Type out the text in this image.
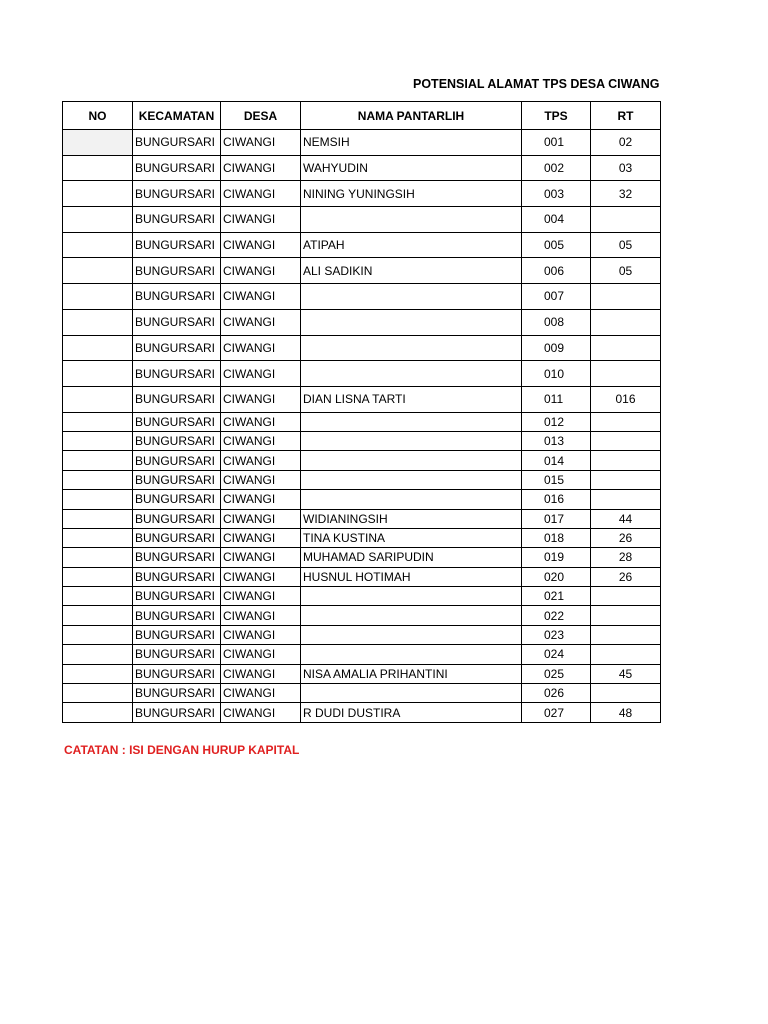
POTENSIAL ALAMAT TPS DESA CIWANG
NO	KECAMATAN	DESA	NAMA PANTARLIH	TPS	RT
	BUNGURSARI	CIWANGI	NEMSIH	001	02
	BUNGURSARI	CIWANGI	WAHYUDIN	002	03
	BUNGURSARI	CIWANGI	NINING YUNINGSIH	003	32
	BUNGURSARI	CIWANGI		004	
	BUNGURSARI	CIWANGI	ATIPAH	005	05
	BUNGURSARI	CIWANGI	ALI SADIKIN	006	05
	BUNGURSARI	CIWANGI		007	
	BUNGURSARI	CIWANGI		008	
	BUNGURSARI	CIWANGI		009	
	BUNGURSARI	CIWANGI		010	
	BUNGURSARI	CIWANGI	DIAN LISNA TARTI	011	016
	BUNGURSARI	CIWANGI		012	
	BUNGURSARI	CIWANGI		013	
	BUNGURSARI	CIWANGI		014	
	BUNGURSARI	CIWANGI		015	
	BUNGURSARI	CIWANGI		016	
	BUNGURSARI	CIWANGI	WIDIANINGSIH	017	44
	BUNGURSARI	CIWANGI	TINA KUSTINA	018	26
	BUNGURSARI	CIWANGI	MUHAMAD SARIPUDIN	019	28
	BUNGURSARI	CIWANGI	HUSNUL HOTIMAH	020	26
	BUNGURSARI	CIWANGI		021	
	BUNGURSARI	CIWANGI		022	
	BUNGURSARI	CIWANGI		023	
	BUNGURSARI	CIWANGI		024	
	BUNGURSARI	CIWANGI	NISA AMALIA PRIHANTINI	025	45
	BUNGURSARI	CIWANGI		026	
	BUNGURSARI	CIWANGI	R DUDI DUSTIRA	027	48
CATATAN : ISI DENGAN HURUP KAPITAL
